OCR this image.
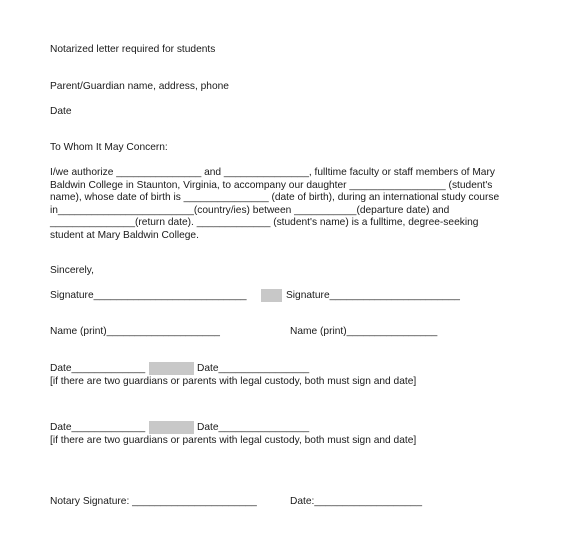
Notarized letter required for students
Parent/Guardian name, address, phone
Date
To Whom It May Concern:
I/we authorize _______________ and _______________, fulltime faculty or staff members of Mary
Baldwin College in Staunton, Virginia, to accompany our daughter _________________ (student's
name), whose date of birth is _______________ (date of birth), during an international study course
in________________________(country/ies) between ___________(departure date) and
_______________(return date). _____________ (student's name) is a fulltime, degree-seeking
student at Mary Baldwin College.
Sincerely,
Signature___________________________	Signature_______________________
Name (print)____________________	Name (print)________________
Date_____________	Date________________
[if there are two guardians or parents with legal custody, both must sign and date]
Date_____________	Date________________
[if there are two guardians or parents with legal custody, both must sign and date]
Notary Signature: ______________________	Date:___________________
